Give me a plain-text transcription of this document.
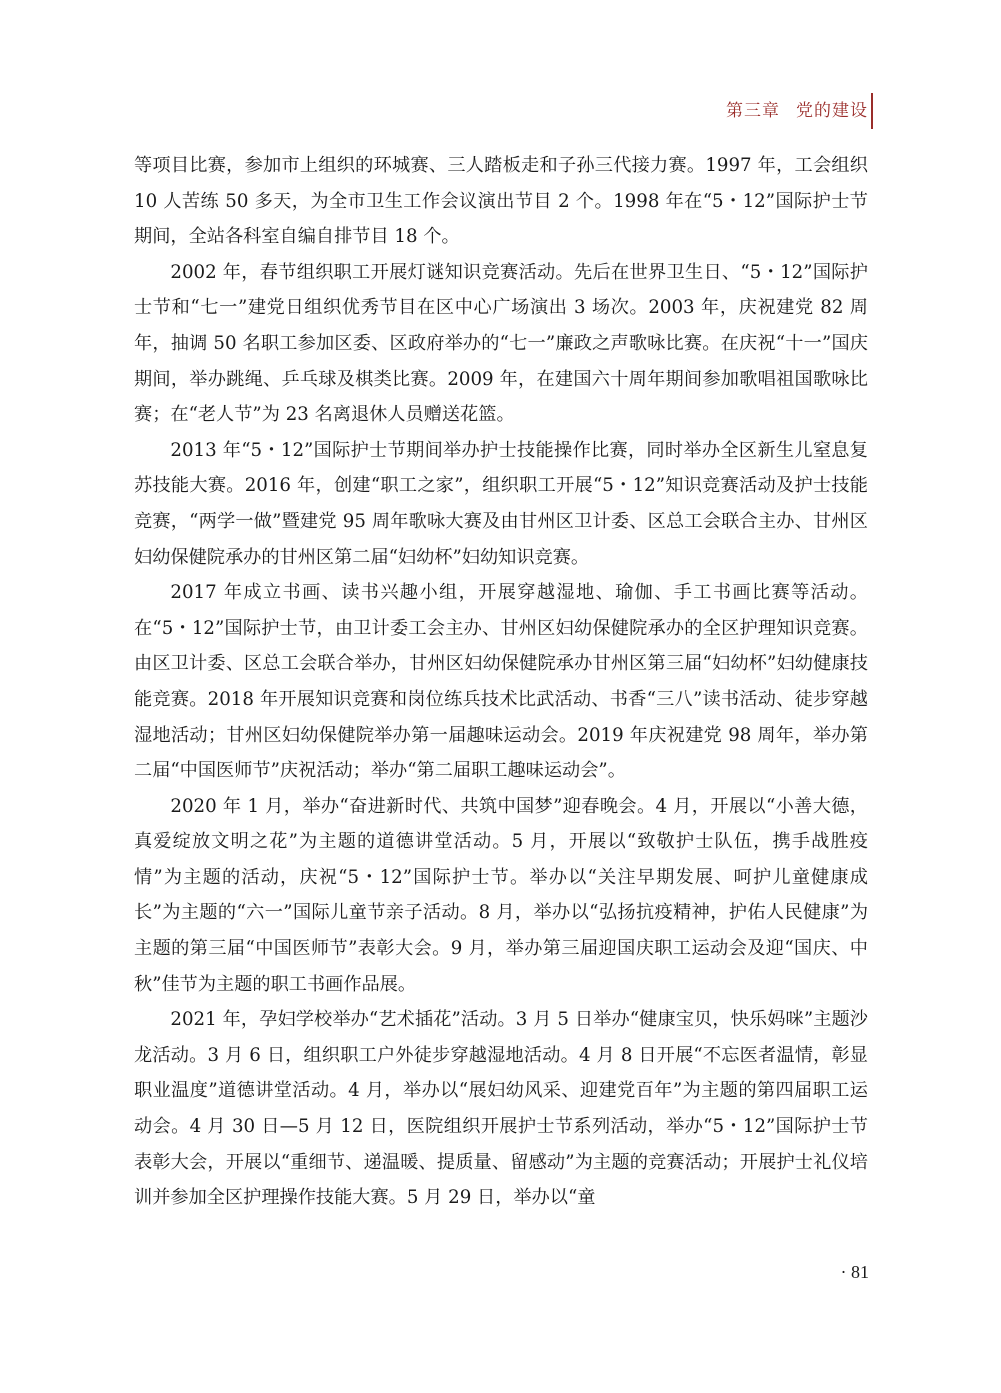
第三章 党的建设

等项目比赛，参加市上组织的环城赛、三人踏板走和子孙三代接力赛。1997 年，工会组织 10 人苦练 50 多天，为全市卫生工作会议演出节目 2 个。1998 年在“5・12”国际护士节期间，全站各科室自编自排节目 18 个。

2002 年，春节组织职工开展灯谜知识竞赛活动。先后在世界卫生日、“5・12”国际护士节和“七一”建党日组织优秀节目在区中心广场演出 3 场次。2003 年，庆祝建党 82 周年，抽调 50 名职工参加区委、区政府举办的“七一”廉政之声歌咏比赛。在庆祝“十一”国庆期间，举办跳绳、乒乓球及棋类比赛。2009 年，在建国六十周年期间参加歌唱祖国歌咏比赛；在“老人节”为 23 名离退休人员赠送花篮。

2013 年“5・12”国际护士节期间举办护士技能操作比赛，同时举办全区新生儿窒息复苏技能大赛。2016 年，创建“职工之家”，组织职工开展“5・12”知识竞赛活动及护士技能竞赛，“两学一做”暨建党 95 周年歌咏大赛及由甘州区卫计委、区总工会联合主办、甘州区妇幼保健院承办的甘州区第二届“妇幼杯”妇幼知识竞赛。

2017 年成立书画、读书兴趣小组，开展穿越湿地、瑜伽、手工书画比赛等活动。在“5・12”国际护士节，由卫计委工会主办、甘州区妇幼保健院承办的全区护理知识竞赛。由区卫计委、区总工会联合举办，甘州区妇幼保健院承办甘州区第三届“妇幼杯”妇幼健康技能竞赛。2018 年开展知识竞赛和岗位练兵技术比武活动、书香“三八”读书活动、徒步穿越湿地活动；甘州区妇幼保健院举办第一届趣味运动会。2019 年庆祝建党 98 周年，举办第二届“中国医师节”庆祝活动；举办“第二届职工趣味运动会”。

2020 年 1 月，举办“奋进新时代、共筑中国梦”迎春晚会。4 月，开展以“小善大德，真爱绽放文明之花”为主题的道德讲堂活动。5 月，开展以“致敬护士队伍，携手战胜疫情”为主题的活动，庆祝“5・12”国际护士节。举办以“关注早期发展、呵护儿童健康成长”为主题的“六一”国际儿童节亲子活动。8 月，举办以“弘扬抗疫精神，护佑人民健康”为主题的第三届“中国医师节”表彰大会。9 月，举办第三届迎国庆职工运动会及迎“国庆、中秋”佳节为主题的职工书画作品展。

2021 年，孕妇学校举办“艺术插花”活动。3 月 5 日举办“健康宝贝，快乐妈咪”主题沙龙活动。3 月 6 日，组织职工户外徒步穿越湿地活动。4 月 8 日开展“不忘医者温情，彰显职业温度”道德讲堂活动。4 月，举办以“展妇幼风采、迎建党百年”为主题的第四届职工运动会。4 月 30 日—5 月 12 日，医院组织开展护士节系列活动，举办“5・12”国际护士节表彰大会，开展以“重细节、递温暖、提质量、留感动”为主题的竞赛活动；开展护士礼仪培训并参加全区护理操作技能大赛。5 月 29 日，举办以“童

· 81
